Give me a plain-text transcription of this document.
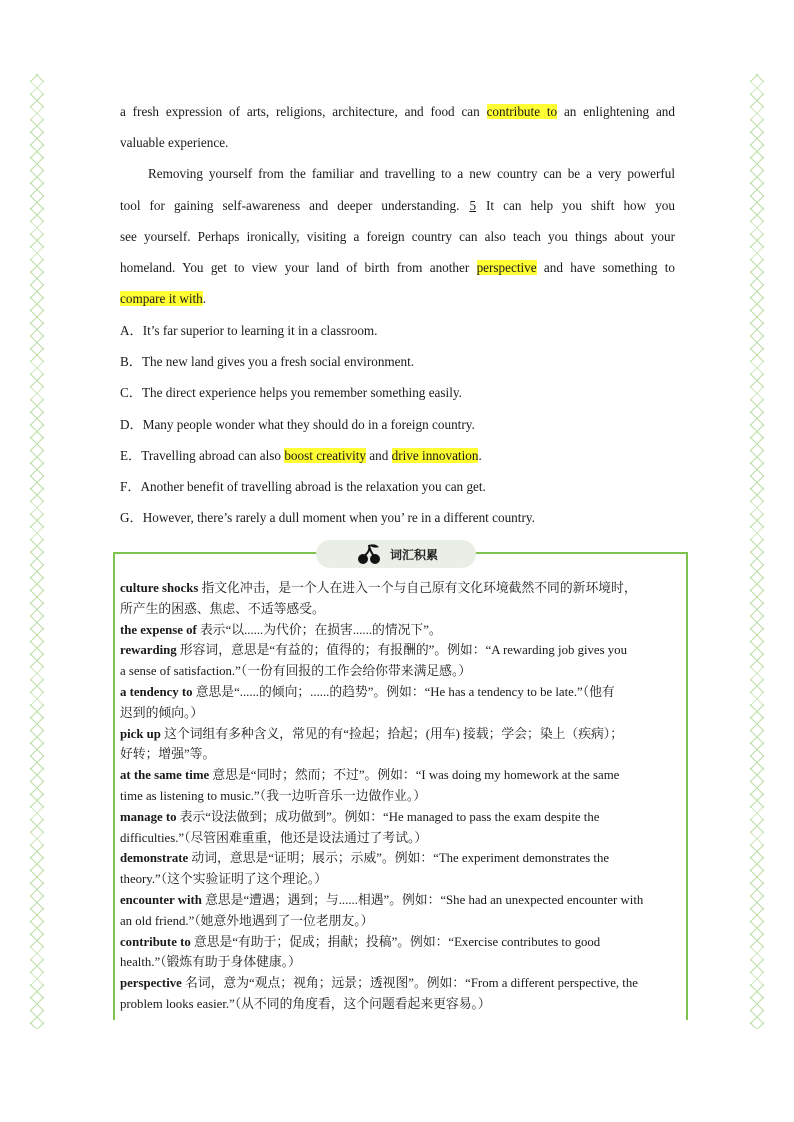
a fresh expression of arts, religions, architecture, and food can contribute to an enlightening and
valuable experience.
Removing yourself from the familiar and travelling to a new country can be a very powerful
tool for gaining self-awareness and deeper understanding. 5 It can help you shift how you
see yourself. Perhaps ironically, visiting a foreign country can also teach you things about your
homeland. You get to view your land of birth from another perspective and have something to
compare it with.
A．It’s far superior to learning it in a classroom.
B．The new land gives you a fresh social environment.
C．The direct experience helps you remember something easily.
D．Many people wonder what they should do in a foreign country.
E．Travelling abroad can also boost creativity and drive innovation.
F．Another benefit of travelling abroad is the relaxation you can get.
G．However, there’s rarely a dull moment when you’ re in a different country.
词汇积累
culture shocks 指文化冲击，是一个人在进入一个与自己原有文化环境截然不同的新环境时，
所产生的困惑、焦虑、不适等感受。
the expense of 表示“以......为代价；在损害......的情况下”。
rewarding 形容词，意思是“有益的；值得的；有报酬的”。例如：“A rewarding job gives you
a sense of satisfaction.”（一份有回报的工作会给你带来满足感。）
a tendency to 意思是“......的倾向；......的趋势”。例如：“He has a tendency to be late.”（他有
迟到的倾向。）
pick up 这个词组有多种含义，常见的有“捡起；拾起；(用车) 接载；学会；染上（疾病）；
好转；增强”等。
at the same time 意思是“同时；然而；不过”。例如：“I was doing my homework at the same
time as listening to music.”（我一边听音乐一边做作业。）
manage to 表示“设法做到；成功做到”。例如：“He managed to pass the exam despite the
difficulties.”（尽管困难重重，他还是设法通过了考试。）
demonstrate 动词，意思是“证明；展示；示威”。例如：“The experiment demonstrates the
theory.”（这个实验证明了这个理论。）
encounter with 意思是“遭遇；遇到；与......相遇”。例如：“She had an unexpected encounter with
an old friend.”（她意外地遇到了一位老朋友。）
contribute to 意思是“有助于；促成；捐献；投稿”。例如：“Exercise contributes to good
health.”（锻炼有助于身体健康。）
perspective 名词，意为“观点；视角；远景；透视图”。例如：“From a different perspective, the
problem looks easier.”（从不同的角度看，这个问题看起来更容易。）
